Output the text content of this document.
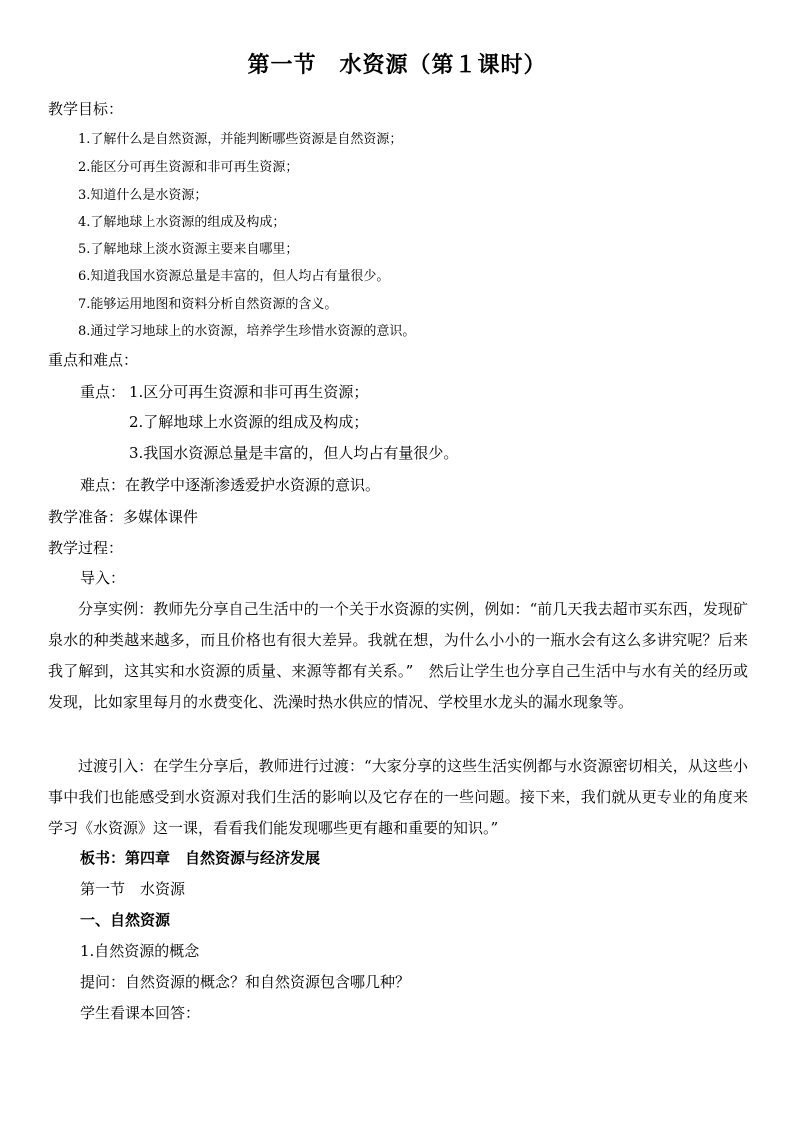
第一节　水资源（第１课时）
教学目标：
1.了解什么是自然资源，并能判断哪些资源是自然资源；
2.能区分可再生资源和非可再生资源；
3.知道什么是水资源；
4.了解地球上水资源的组成及构成；
5.了解地球上淡水资源主要来自哪里；
6.知道我国水资源总量是丰富的，但人均占有量很少。
7.能够运用地图和资料分析自然资源的含义。
8.通过学习地球上的水资源，培养学生珍惜水资源的意识。
重点和难点：
重点： 1.区分可再生资源和非可再生资源；
2.了解地球上水资源的组成及构成；
3.我国水资源总量是丰富的，但人均占有量很少。
难点：在教学中逐渐渗透爱护水资源的意识。
教学准备：多媒体课件
教学过程：
导入：
分享实例：教师先分享自己生活中的一个关于水资源的实例，例如：“前几天我去超市买东西，发现矿泉水的种类越来越多，而且价格也有很大差异。我就在想，为什么小小的一瓶水会有这么多讲究呢？后来我了解到，这其实和水资源的质量、来源等都有关系。”　然后让学生也分享自己生活中与水有关的经历或发现，比如家里每月的水费变化、洗澡时热水供应的情况、学校里水龙头的漏水现象等。
过渡引入：在学生分享后，教师进行过渡：“大家分享的这些生活实例都与水资源密切相关，从这些小事中我们也能感受到水资源对我们生活的影响以及它存在的一些问题。接下来，我们就从更专业的角度来学习《水资源》这一课，看看我们能发现哪些更有趣和重要的知识。”
板书：第四章　自然资源与经济发展
第一节　水资源
一、自然资源
1.自然资源的概念
提问：自然资源的概念？和自然资源包含哪几种？
学生看课本回答：
